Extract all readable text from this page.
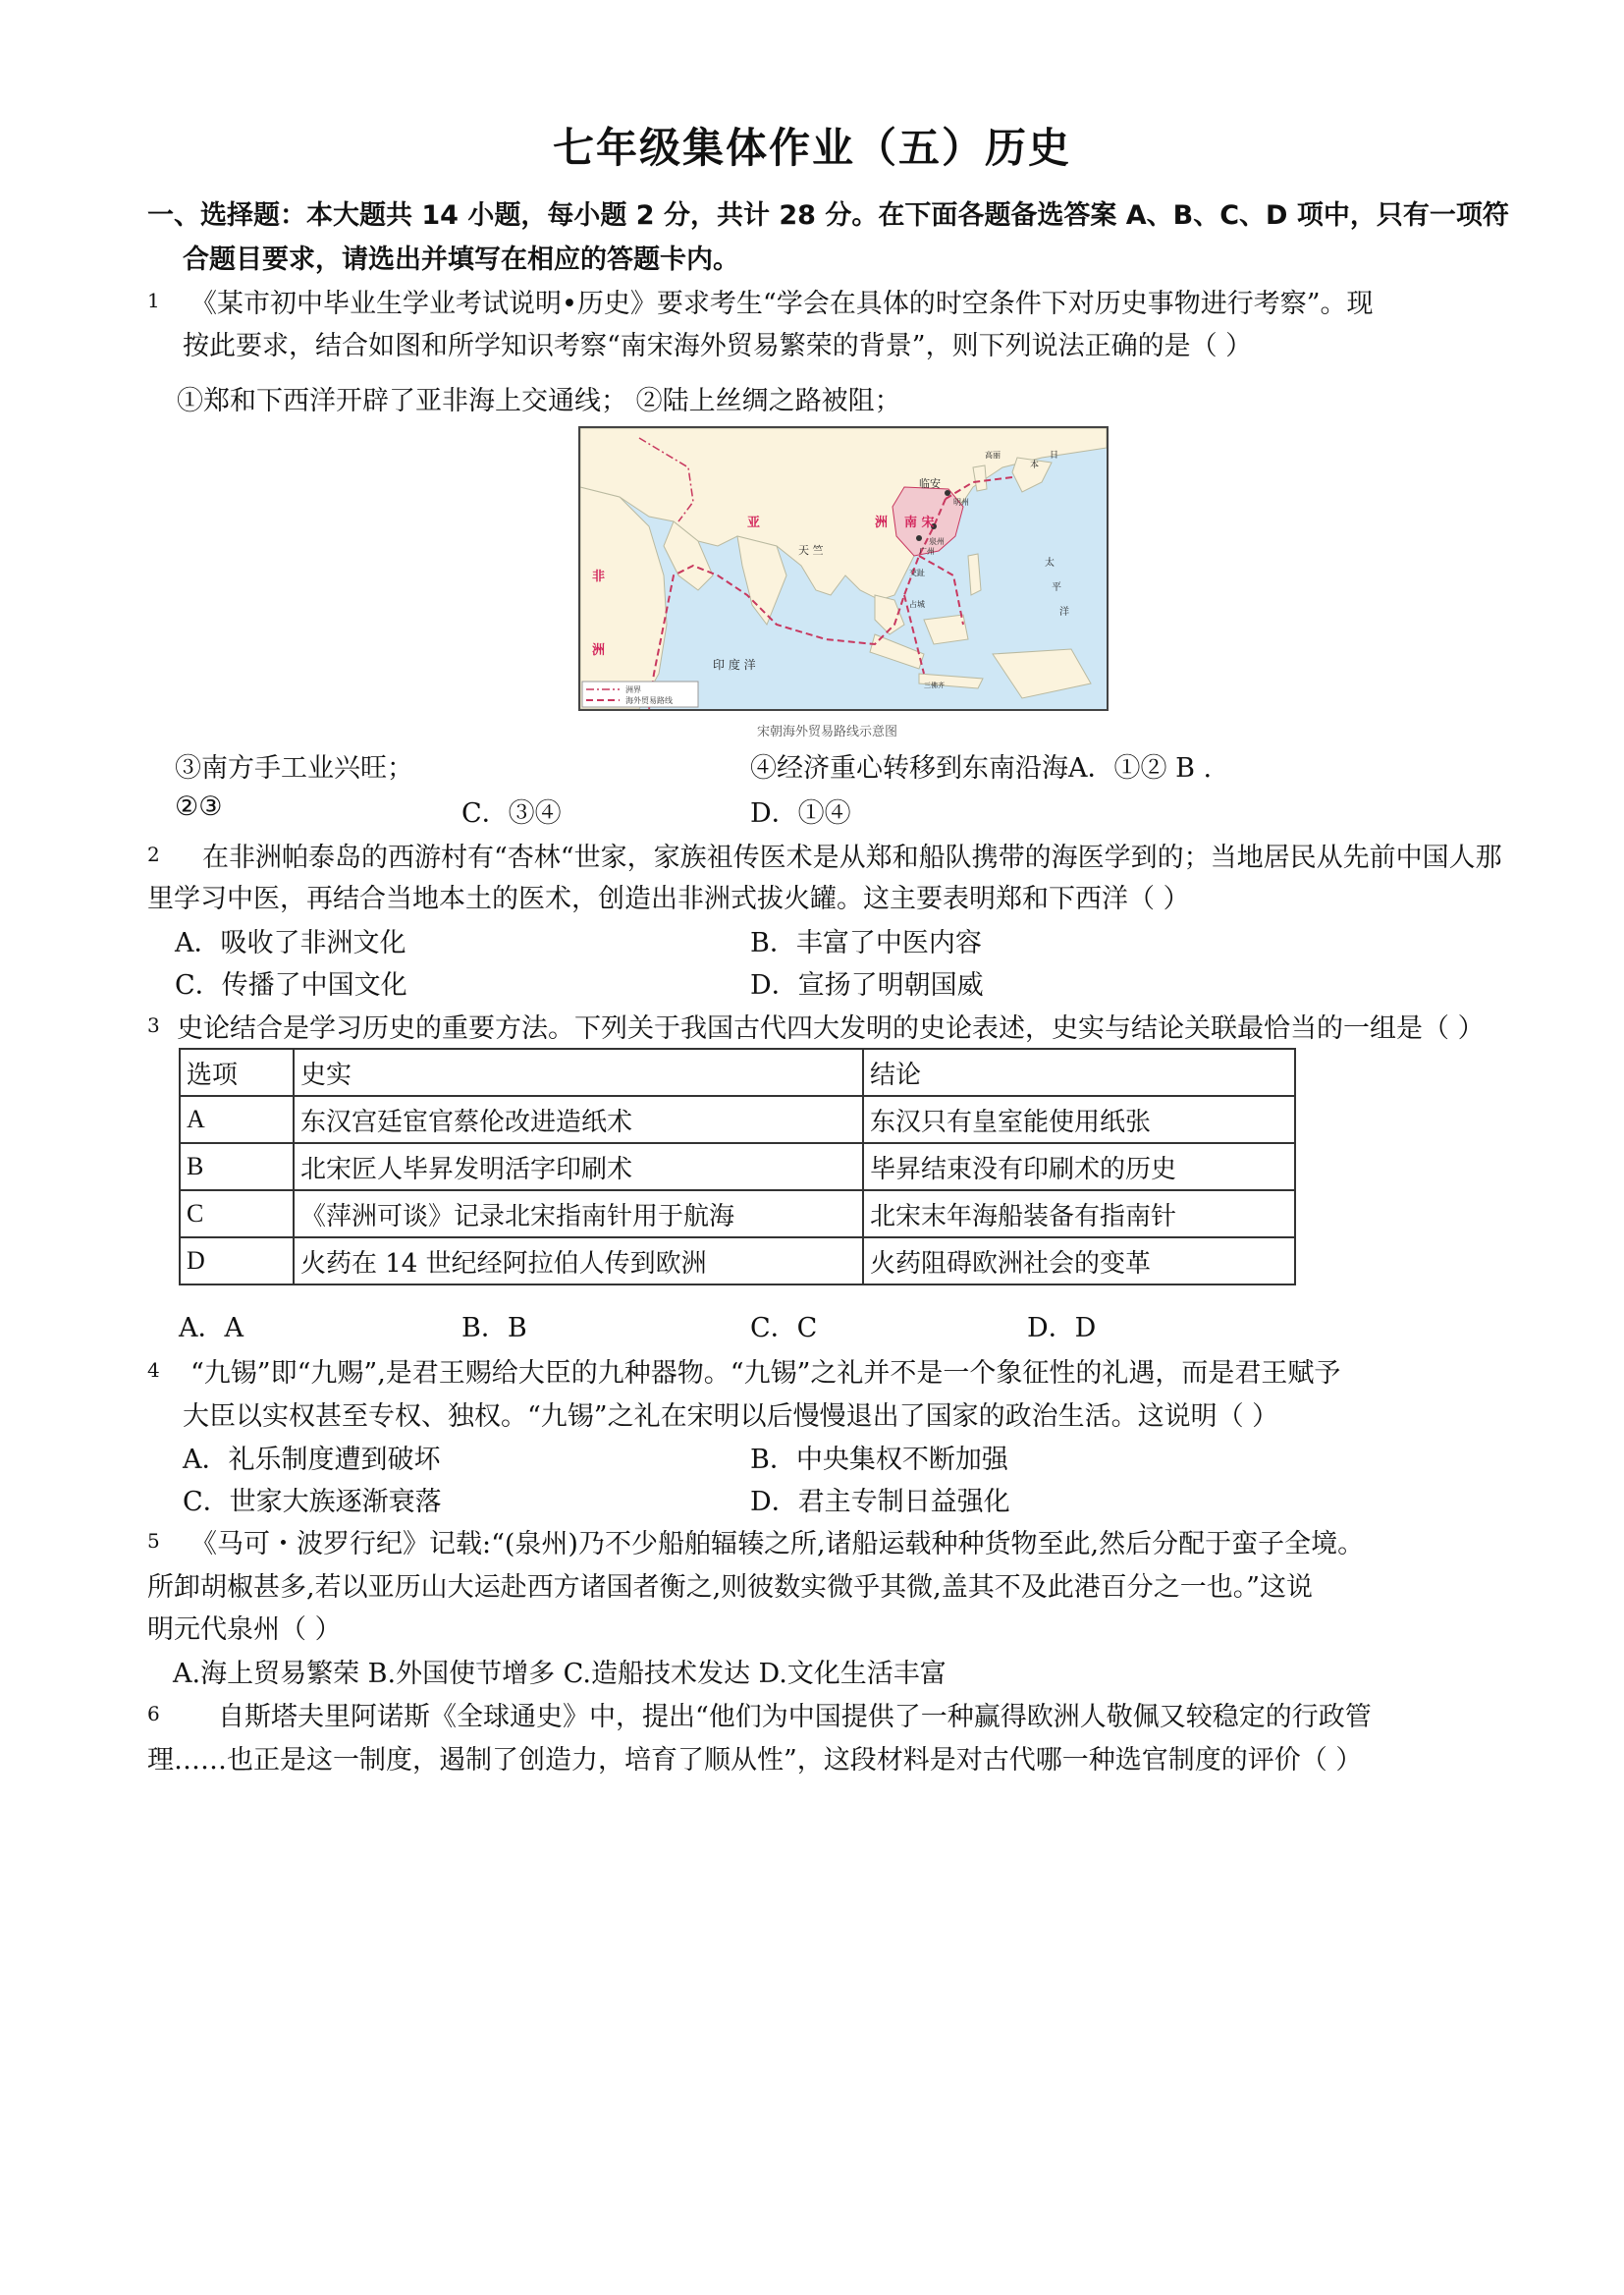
七年级集体作业（五）历史
一、选择题：本大题共 14 小题，每小题 2 分，共计 28 分。在下面各题备选答案 A、B、C、D 项中，只有一项符
合题目要求，请选出并填写在相应的答题卡内。
1 《某市初中毕业生学业考试说明•历史》要求考生“学会在具体的时空条件下对历史事物进行考察”。现
按此要求，结合如图和所学知识考察“南宋海外贸易繁荣的背景”，则下列说法正确的是（ ）
①郑和下西洋开辟了亚非海上交通线； ②陆上丝绸之路被阻；
亚	洲
非
洲
南 宋
天 竺
临安
明州
泉州
广州
高丽
本
日
交趾
占城
三佛齐
太
平
洋
印 度 洋
洲界
海外贸易路线
宋朝海外贸易路线示意图
③南方手工业兴旺；	④经济重心转移到东南沿海A．①② B .
②③	C．③④	D．①④
2 在非洲帕泰岛的西游村有“杏林“世家，家族祖传医术是从郑和船队携带的海医学到的；当地居民从先前中国人那
里学习中医，再结合当地本土的医术，创造出非洲式拔火罐。这主要表明郑和下西洋（ ）
A．吸收了非洲文化	B．丰富了中医内容
C．传播了中国文化	D．宣扬了明朝国威
3 史论结合是学习历史的重要方法。下列关于我国古代四大发明的史论表述，史实与结论关联最恰当的一组是（ ）
选项	史实	结论
A	东汉宫廷宦官蔡伦改进造纸术	东汉只有皇室能使用纸张
B	北宋匠人毕昇发明活字印刷术	毕昇结束没有印刷术的历史
C	《萍洲可谈》记录北宋指南针用于航海	北宋末年海船装备有指南针
D	火药在 14 世纪经阿拉伯人传到欧洲	火药阻碍欧洲社会的变革
A．A	B．B	C．C	D．D
4 “九锡”即“九赐”,是君王赐给大臣的九种器物。“九锡”之礼并不是一个象征性的礼遇，而是君王赋予
大臣以实权甚至专权、独权。“九锡”之礼在宋明以后慢慢退出了国家的政治生活。这说明（ ）
A．礼乐制度遭到破坏	B．中央集权不断加强
C．世家大族逐渐衰落	D．君主专制日益强化
5 《马可・波罗行纪》记载:“(泉州)乃不少船舶辐辏之所,诸船运载种种货物至此,然后分配于蛮子全境。
所卸胡椒甚多,若以亚历山大运赴西方诸国者衡之,则彼数实微乎其微,盖其不及此港百分之一也。”这说
明元代泉州（ ）
A.海上贸易繁荣 B.外国使节增多 C.造船技术发达 D.文化生活丰富
6 自斯塔夫里阿诺斯《全球通史》中，提出“他们为中国提供了一种赢得欧洲人敬佩又较稳定的行政管
理……也正是这一制度，遏制了创造力，培育了顺从性”，这段材料是对古代哪一种选官制度的评价（ ）
